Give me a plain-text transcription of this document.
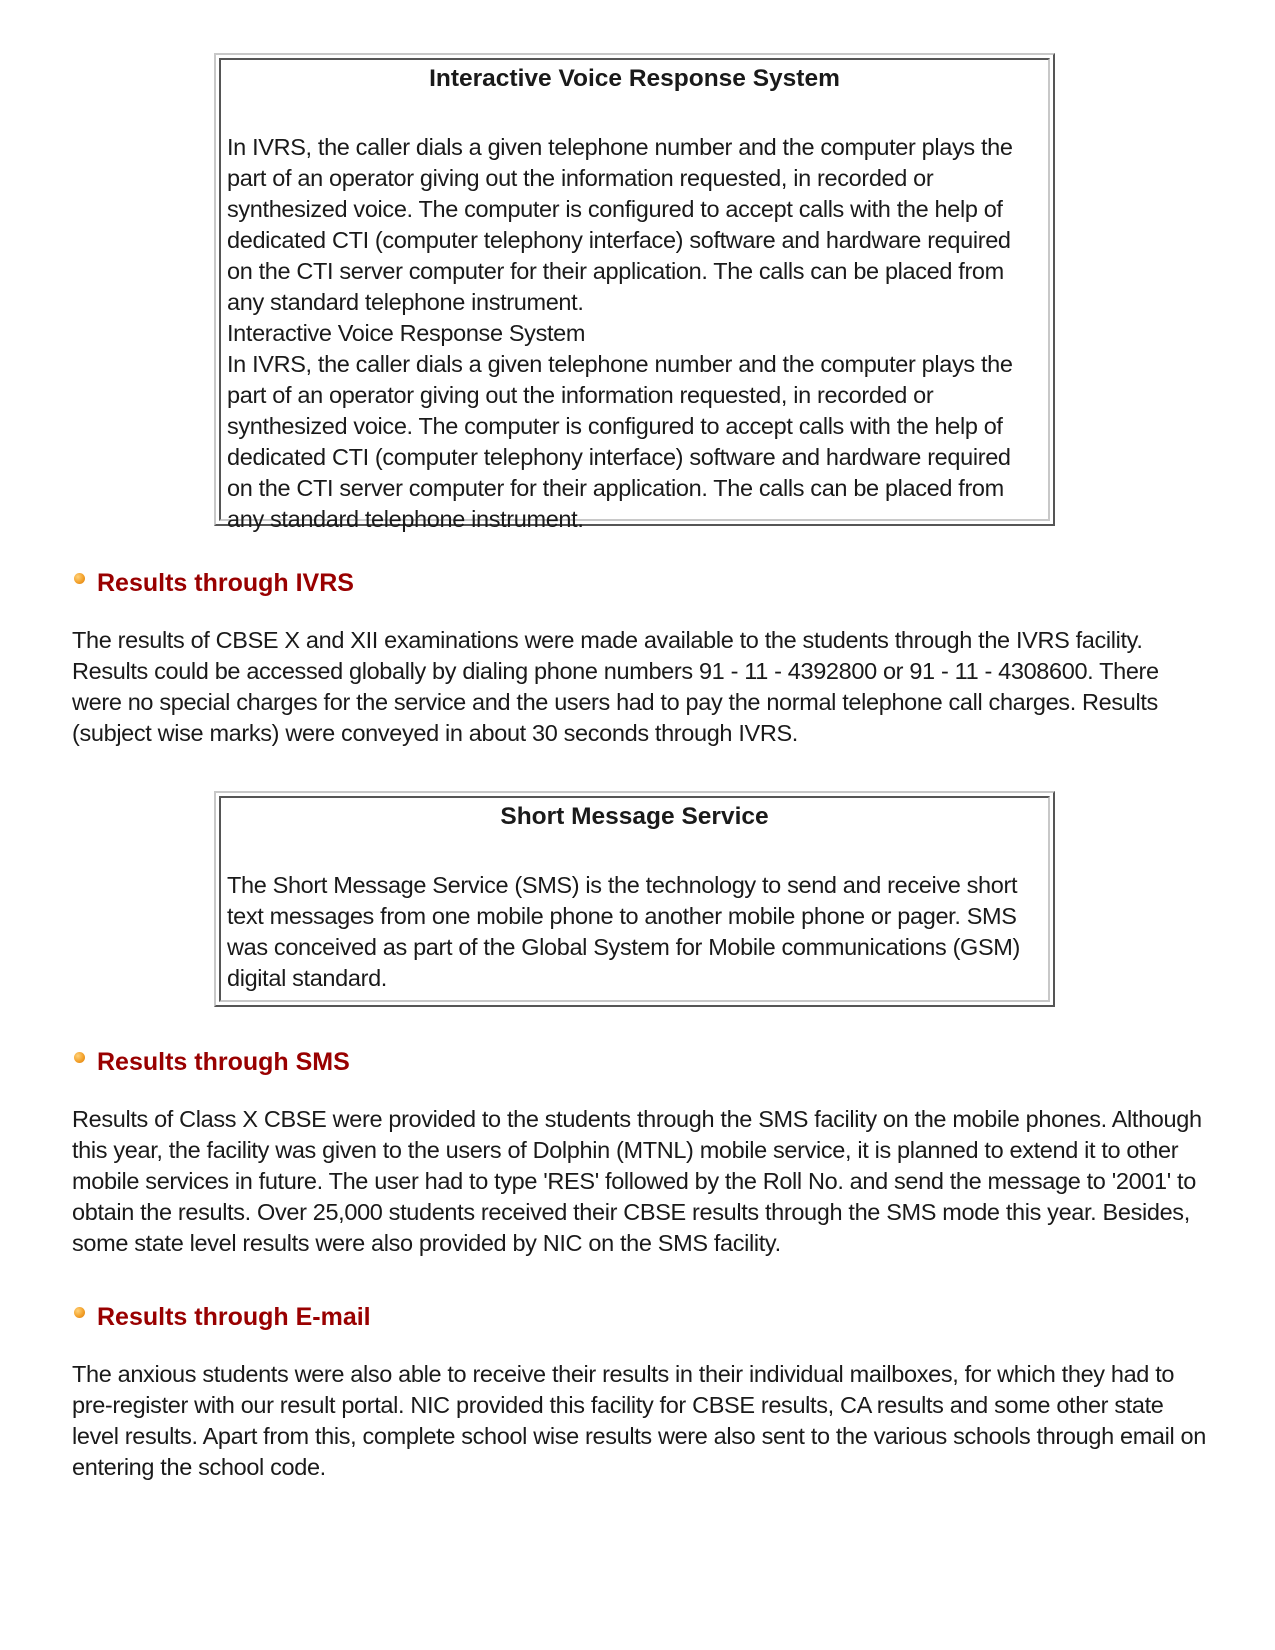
Interactive Voice Response System

In IVRS, the caller dials a given telephone number and the computer plays the part of an operator giving out the information requested, in recorded or synthesized voice. The computer is configured to accept calls with the help of dedicated CTI (computer telephony interface) software and hardware required on the CTI server computer for their application. The calls can be placed from any standard telephone instrument.

Interactive Voice Response System

In IVRS, the caller dials a given telephone number and the computer plays the part of an operator giving out the information requested, in recorded or synthesized voice. The computer is configured to accept calls with the help of dedicated CTI (computer telephony interface) software and hardware required on the CTI server computer for their application. The calls can be placed from any standard telephone instrument.

Results through IVRS

The results of CBSE X and XII examinations were made available to the students through the IVRS facility. Results could be accessed globally by dialing phone numbers 91 - 11 - 4392800 or 91 - 11 - 4308600. There were no special charges for the service and the users had to pay the normal telephone call charges. Results (subject wise marks) were conveyed in about 30 seconds through IVRS.

Short Message Service

The Short Message Service (SMS) is the technology to send and receive short text messages from one mobile phone to another mobile phone or pager. SMS was conceived as part of the Global System for Mobile communications (GSM) digital standard.

Results through SMS

Results of Class X CBSE were provided to the students through the SMS facility on the mobile phones. Although this year, the facility was given to the users of Dolphin (MTNL) mobile service, it is planned to extend it to other mobile services in future. The user had to type 'RES' followed by the Roll No. and send the message to '2001' to obtain the results. Over 25,000 students received their CBSE results through the SMS mode this year. Besides, some state level results were also provided by NIC on the SMS facility.

Results through E-mail

The anxious students were also able to receive their results in their individual mailboxes, for which they had to pre-register with our result portal. NIC provided this facility for CBSE results, CA results and some other state level results. Apart from this, complete school wise results were also sent to the various schools through email on entering the school code.
